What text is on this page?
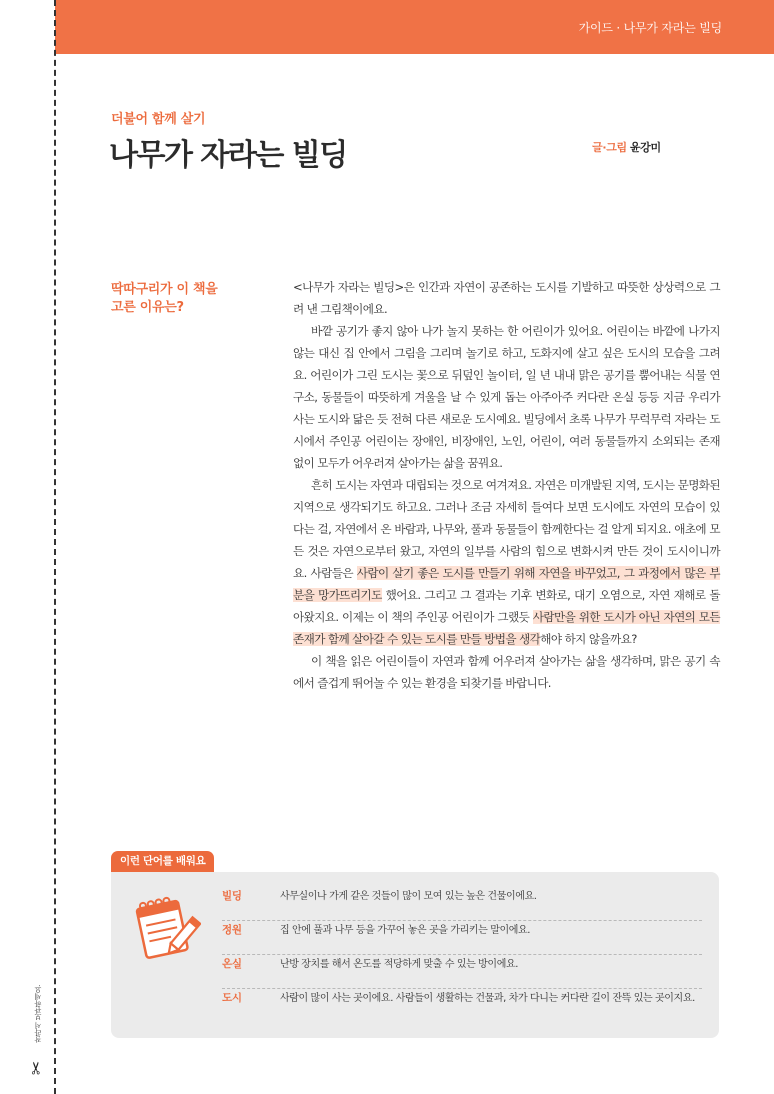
가이드 · 나무가 자라는 빌딩
잘라서 보관하세요.
✂
더불어 함께 살기
나무가 자라는 빌딩	글·그림 윤강미
딱따구리가 이 책을
고른 이유는?

<나무가 자라는 빌딩>은 인간과 자연이 공존하는 도시를 기발하고 따뜻한 상상력으로 그려 낸 그림책이에요.

바깥 공기가 좋지 않아 나가 놀지 못하는 한 어린이가 있어요. 어린이는 바깥에 나가지 않는 대신 집 안에서 그림을 그리며 놀기로 하고, 도화지에 살고 싶은 도시의 모습을 그려요. 어린이가 그린 도시는 꽃으로 뒤덮인 놀이터, 일 년 내내 맑은 공기를 뿜어내는 식물 연구소, 동물들이 따뜻하게 겨울을 날 수 있게 돕는 아주아주 커다란 온실 등등 지금 우리가 사는 도시와 닮은 듯 전혀 다른 새로운 도시예요. 빌딩에서 초록 나무가 무럭무럭 자라는 도시에서 주인공 어린이는 장애인, 비장애인, 노인, 어린이, 여러 동물들까지 소외되는 존재 없이 모두가 어우러져 살아가는 삶을 꿈꿔요.

흔히 도시는 자연과 대립되는 것으로 여겨져요. 자연은 미개발된 지역, 도시는 문명화된 지역으로 생각되기도 하고요. 그러나 조금 자세히 들여다 보면 도시에도 자연의 모습이 있다는 걸, 자연에서 온 바람과, 나무와, 풀과 동물들이 함께한다는 걸 알게 되지요. 애초에 모든 것은 자연으로부터 왔고, 자연의 일부를 사람의 힘으로 변화시켜 만든 것이 도시이니까요. 사람들은 사람이 살기 좋은 도시를 만들기 위해 자연을 바꾸었고, 그 과정에서 많은 부분을 망가뜨리기도 했어요. 그리고 그 결과는 기후 변화로, 대기 오염으로, 자연 재해로 돌아왔지요. 이제는 이 책의 주인공 어린이가 그랬듯 사람만을 위한 도시가 아닌 자연의 모든 존재가 함께 살아갈 수 있는 도시를 만들 방법을 생각해야 하지 않을까요?

이 책을 읽은 어린이들이 자연과 함께 어우러져 살아가는 삶을 생각하며, 맑은 공기 속에서 즐겁게 뛰어놀 수 있는 환경을 되찾기를 바랍니다.

이런 단어를 배워요
빌딩	사무실이나 가게 같은 것들이 많이 모여 있는 높은 건물이에요.
정원	집 안에 풀과 나무 등을 가꾸어 놓은 곳을 가리키는 말이에요.
온실	난방 장치를 해서 온도를 적당하게 맞출 수 있는 방이에요.
도시	사람이 많이 사는 곳이에요. 사람들이 생활하는 건물과, 차가 다니는 커다란 길이 잔뜩 있는 곳이지요.
